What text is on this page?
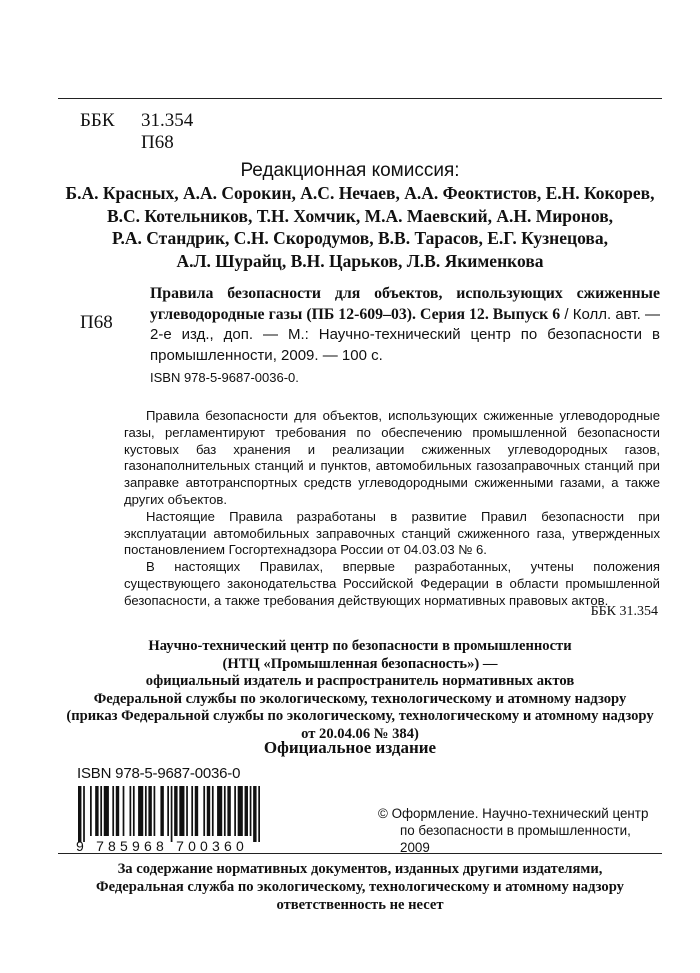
ББК 31.354
П68
Редакционная комиссия:
Б.А. Красных, А.А. Сорокин, А.С. Нечаев, А.А. Феоктистов, Е.Н. Кокорев,
В.С. Котельников, Т.Н. Хомчик, М.А. Маевский, А.Н. Миронов,
Р.А. Стандрик, С.Н. Скородумов, В.В. Тарасов, Е.Г. Кузнецова,
А.Л. Шурайц, В.Н. Царьков, Л.В. Якименкова
П68
Правила безопасности для объектов, использующих сжиженные углеводородные газы (ПБ 12-609–03). Серия 12. Выпуск 6 / Колл. авт. — 2-е изд., доп. — М.: Научно-технический центр по безопасности в промышленности, 2009. — 100 с.
ISBN 978-5-9687-0036-0.

Правила безопасности для объектов, использующих сжиженные углеводородные газы, регламентируют требования по обеспечению промышленной безопасности кустовых баз хранения и реализации сжиженных углеводородных газов, газонаполнительных станций и пунктов, автомобильных газозаправочных станций при заправке автотранспортных средств углеводородными сжиженными газами, а также других объектов.

Настоящие Правила разработаны в развитие Правил безопасности при эксплуатации автомобильных заправочных станций сжиженного газа, утвержденных постановлением Госгортехнадзора России от 04.03.03 № 6.

В настоящих Правилах, впервые разработанных, учтены положения существующего законодательства Российской Федерации в области промышленной безопасности, а также требования действующих нормативных правовых актов.

ББК 31.354
Научно-технический центр по безопасности в промышленности
(НТЦ «Промышленная безопасность») —
официальный издатель и распространитель нормативных актов
Федеральной службы по экологическому, технологическому и атомному надзору
(приказ Федеральной службы по экологическому, технологическому и атомному надзору
от 20.04.06 № 384)
Официальное издание
ISBN 978-5-9687-0036-0
9 785968 700360
© Оформление. Научно-технический центр
по безопасности в промышленности,
2009
За содержание нормативных документов, изданных другими издателями,
Федеральная служба по экологическому, технологическому и атомному надзору
ответственность не несет
